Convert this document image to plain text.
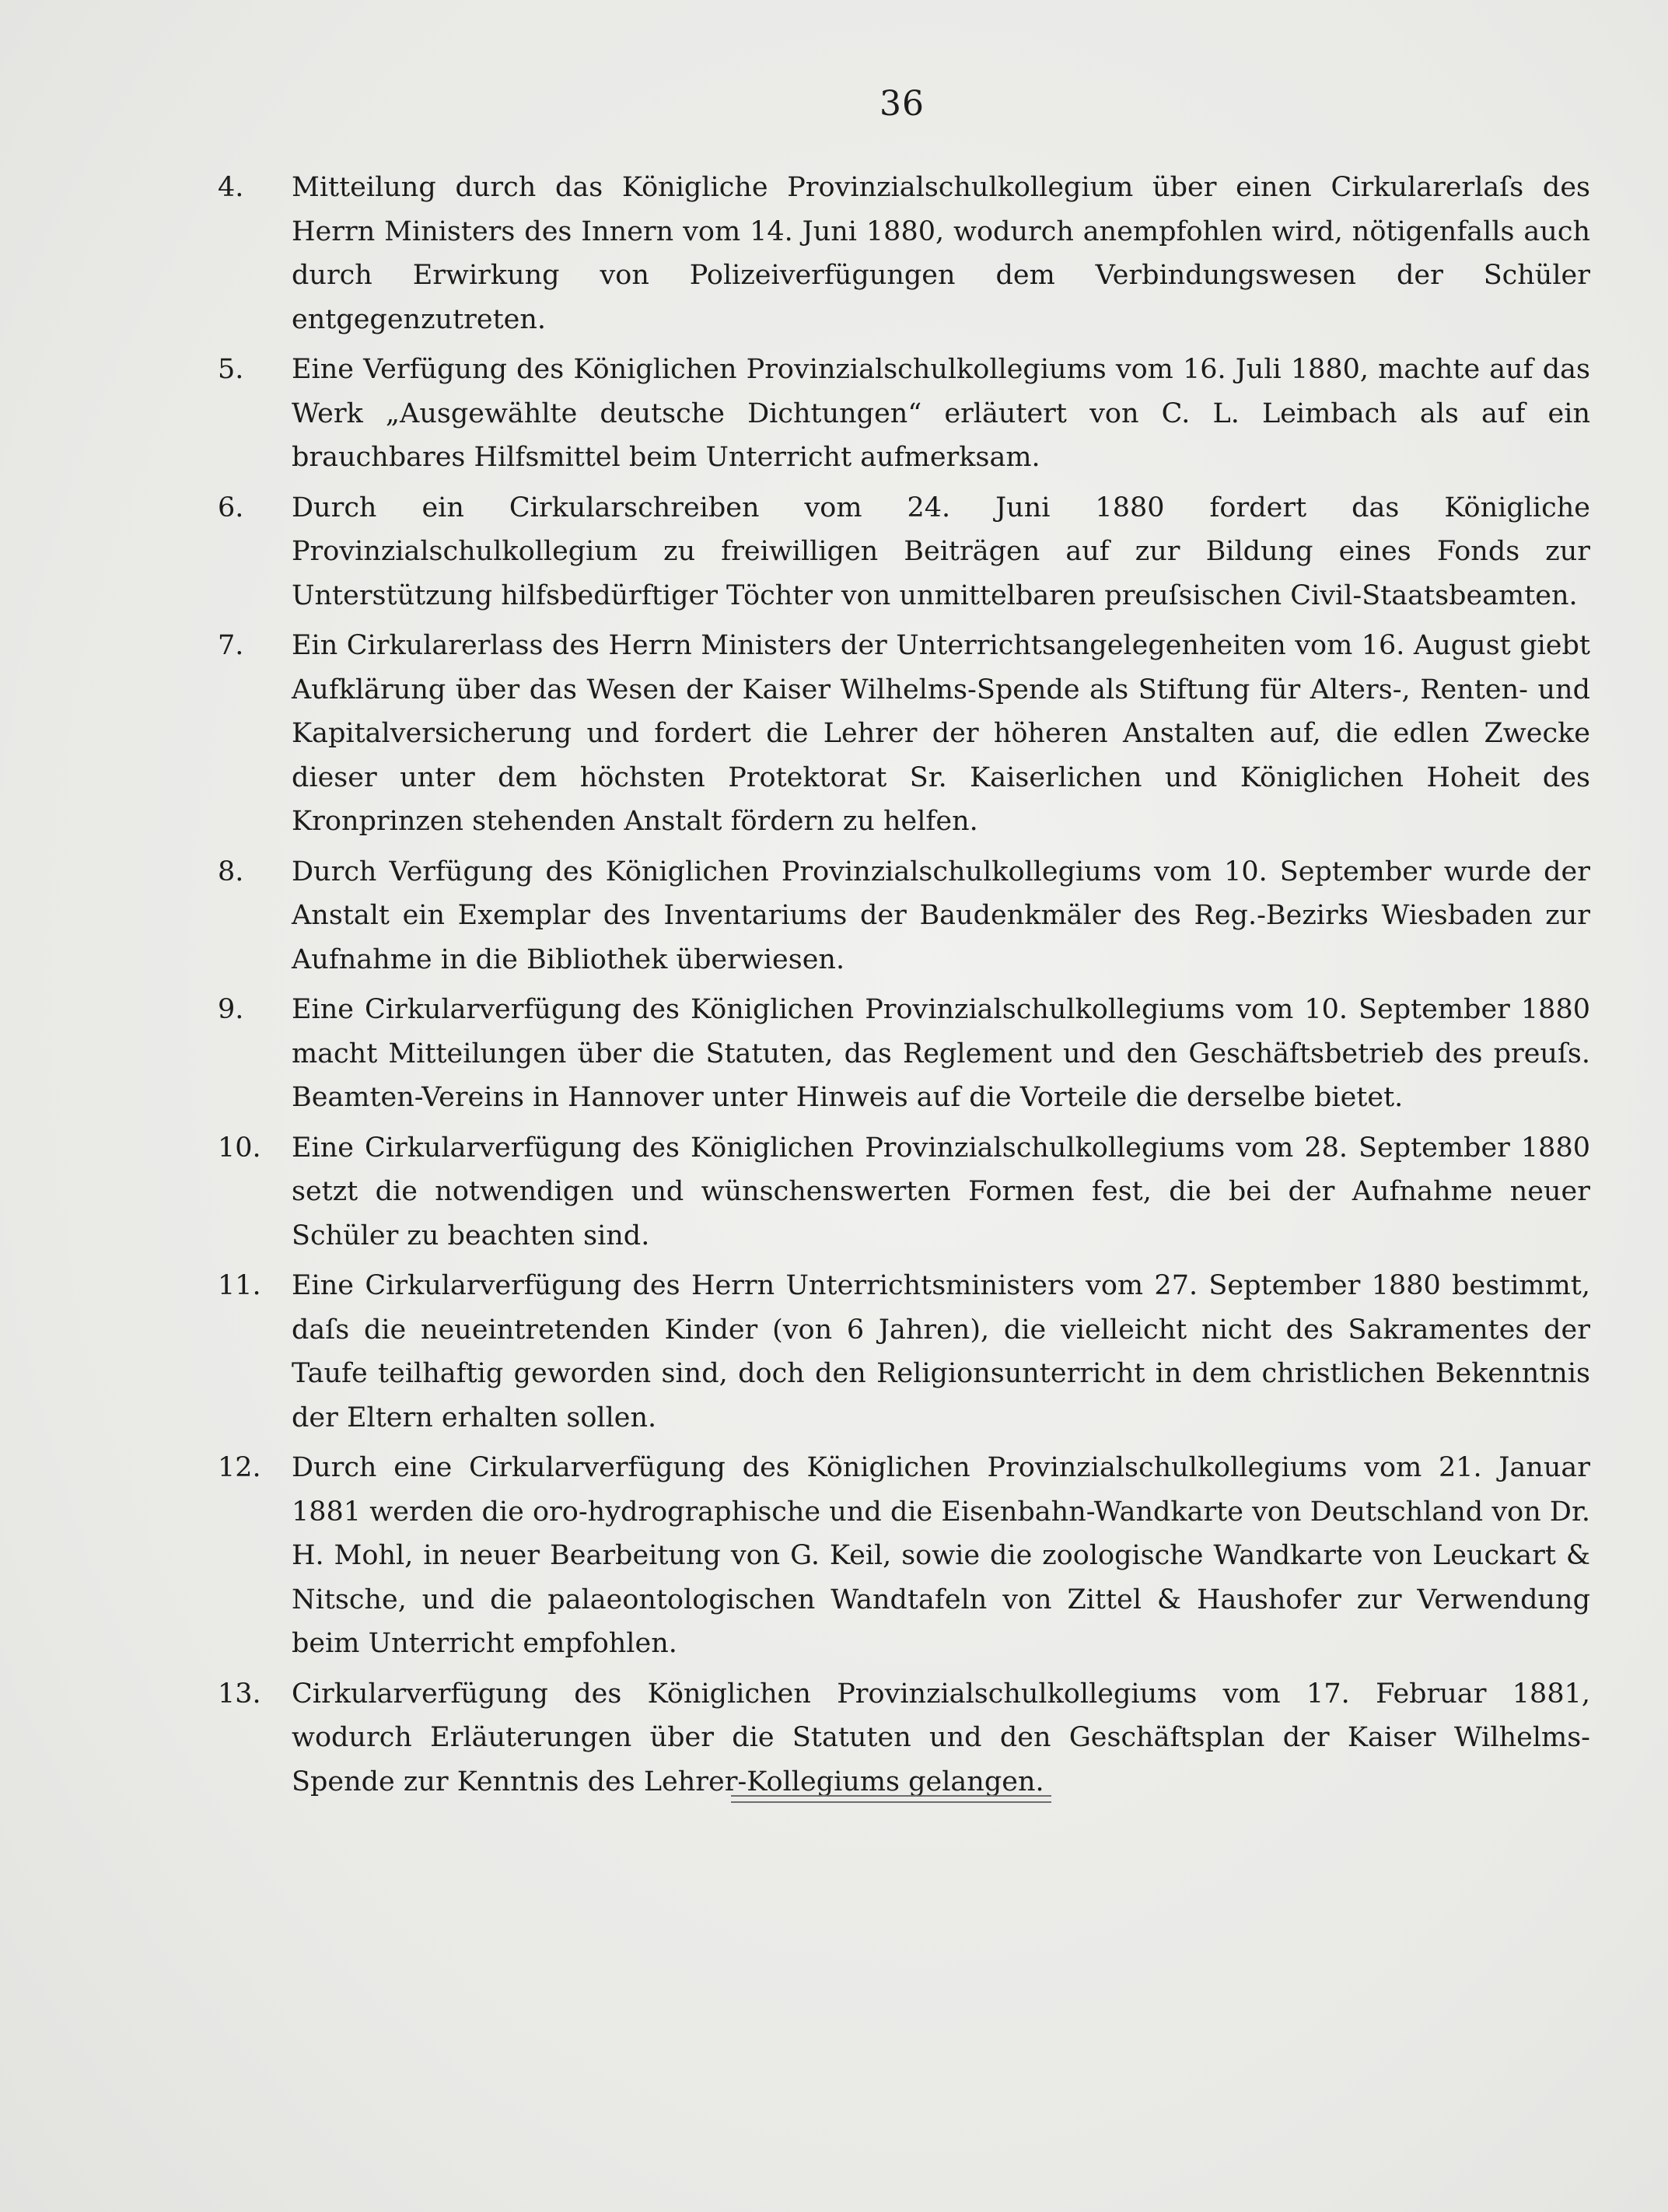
36
4.	Mitteilung durch das Königliche Provinzialschulkollegium über einen Cirkularerlaſs des Herrn Ministers des Innern vom 14. Juni 1880, wodurch anempfohlen wird, nötigenfalls auch durch Erwirkung von Polizeiverfügungen dem Verbindungswesen der Schüler entgegenzutreten.
5.	Eine Verfügung des Königlichen Provinzialschulkollegiums vom 16. Juli 1880, machte auf das Werk „Ausgewählte deutsche Dichtungen“ erläutert von C. L. Leimbach als auf ein brauchbares Hilfsmittel beim Unterricht aufmerksam.
6.	Durch ein Cirkularschreiben vom 24. Juni 1880 fordert das Königliche Provinzialschulkollegium zu freiwilligen Beiträgen auf zur Bildung eines Fonds zur Unterstützung hilfsbedürftiger Töchter von unmittelbaren preuſsischen Civil-Staatsbeamten.
7.	Ein Cirkularerlass des Herrn Ministers der Unterrichtsangelegenheiten vom 16. August giebt Aufklärung über das Wesen der Kaiser Wilhelms-Spende als Stiftung für Alters-, Renten- und Kapitalversicherung und fordert die Lehrer der höheren Anstalten auf, die edlen Zwecke dieser unter dem höchsten Protektorat Sr. Kaiserlichen und Königlichen Hoheit des Kronprinzen stehenden Anstalt fördern zu helfen.
8.	Durch Verfügung des Königlichen Provinzialschulkollegiums vom 10. September wurde der Anstalt ein Exemplar des Inventariums der Baudenkmäler des Reg.-Bezirks Wiesbaden zur Aufnahme in die Bibliothek überwiesen.
9.	Eine Cirkularverfügung des Königlichen Provinzialschulkollegiums vom 10. September 1880 macht Mitteilungen über die Statuten, das Reglement und den Geschäftsbetrieb des preuſs. Beamten-Vereins in Hannover unter Hinweis auf die Vorteile die derselbe bietet.
10.	Eine Cirkularverfügung des Königlichen Provinzialschulkollegiums vom 28. September 1880 setzt die notwendigen und wünschenswerten Formen fest, die bei der Aufnahme neuer Schüler zu beachten sind.
11.	Eine Cirkularverfügung des Herrn Unterrichtsministers vom 27. September 1880 bestimmt, daſs die neueintretenden Kinder (von 6 Jahren), die vielleicht nicht des Sakramentes der Taufe teilhaftig geworden sind, doch den Religionsunterricht in dem christlichen Bekenntnis der Eltern erhalten sollen.
12.	Durch eine Cirkularverfügung des Königlichen Provinzialschulkollegiums vom 21. Januar 1881 werden die oro-hydrographische und die Eisenbahn-Wandkarte von Deutschland von Dr. H. Mohl, in neuer Bearbeitung von G. Keil, sowie die zoologische Wandkarte von Leuckart & Nitsche, und die palaeontologischen Wandtafeln von Zittel & Haushofer zur Verwendung beim Unterricht empfohlen.
13.	Cirkularverfügung des Königlichen Provinzialschulkollegiums vom 17. Februar 1881, wodurch Erläuterungen über die Statuten und den Geschäftsplan der Kaiser Wilhelms-Spende zur Kenntnis des Lehrer-Kollegiums gelangen.
